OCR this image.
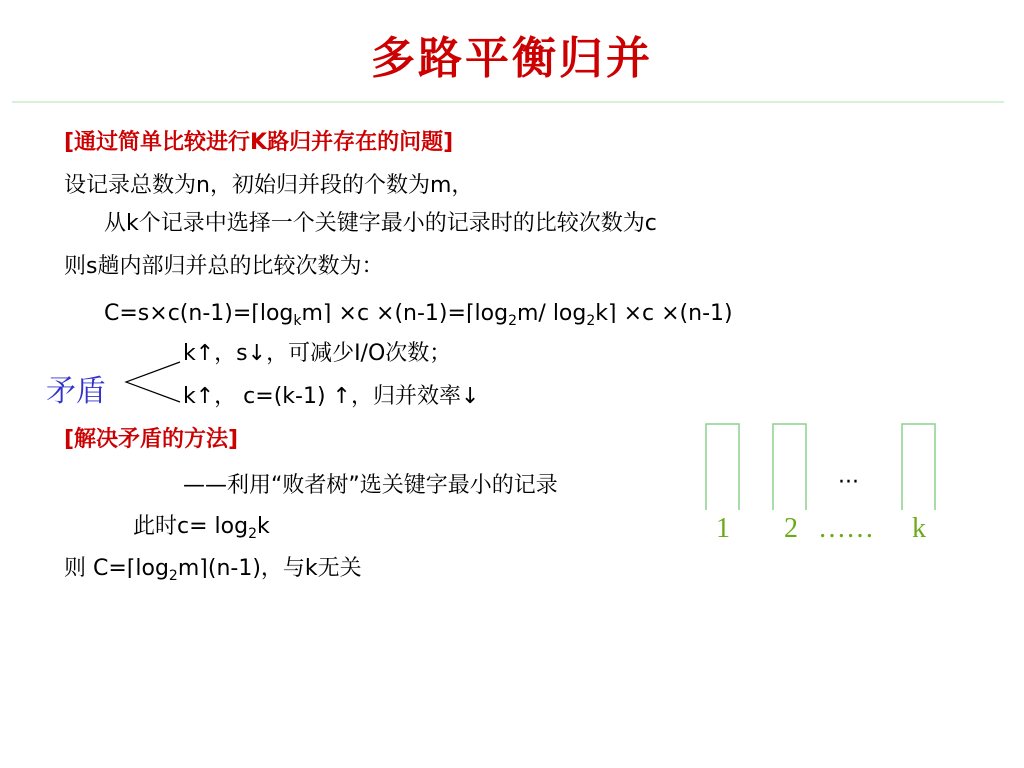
多路平衡归并
[通过简单比较进行K路归并存在的问题]
设记录总数为n，初始归并段的个数为m，
从k个记录中选择一个关键字最小的记录时的比较次数为c
则s趟内部归并总的比较次数为：
$C=s\times c(n-1)=⌈\log_km⌉ \times c$ $\times(n-1)=⌈\log_2m/$ $\log_2k⌉ \times c \times(n-1)$
矛盾
k↑，s↓，可减少I/O次数；
k↑， c=(k-1) ↑，归并效率↓
[解决矛盾的方法]
——利用“败者树”选关键字最小的记录
此时$c= \log_2k$
则 $C=⌈\log_2m⌉(n-1)$，与k无关
···
1 2 …… k
